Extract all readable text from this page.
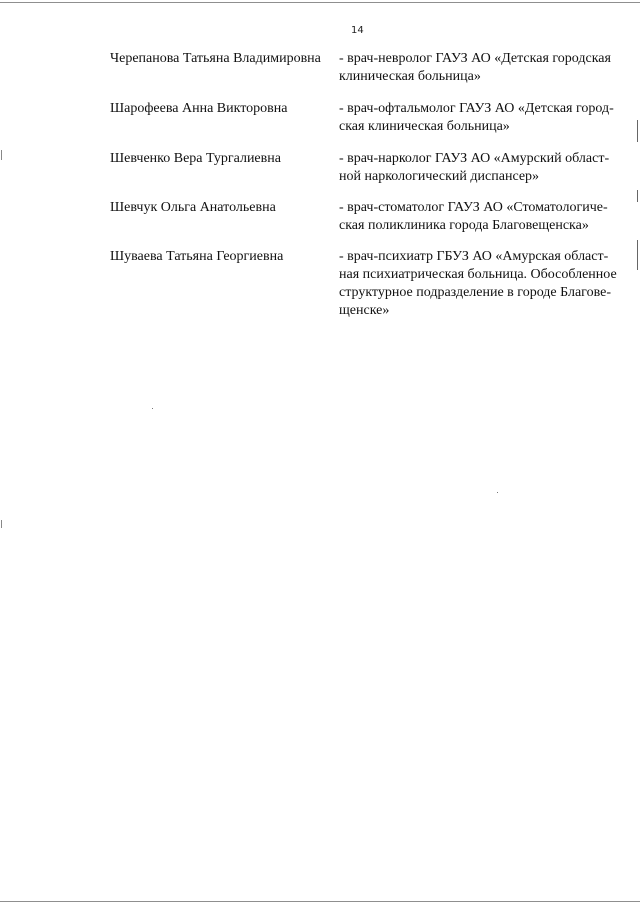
14
Черепанова Татьяна Владимировна	- врач-невролог ГАУЗ АО «Детская городская
клиническая больница»
Шарофеева Анна Викторовна	- врач-офтальмолог ГАУЗ АО «Детская город-
ская клиническая больница»
Шевченко Вера Тургалиевна	- врач-нарколог ГАУЗ АО «Амурский област-
ной наркологический диспансер»
Шевчук Ольга Анатольевна	- врач-стоматолог ГАУЗ АО «Стоматологиче-
ская поликлиника города Благовещенска»
Шуваева Татьяна Георгиевна	- врач-психиатр ГБУЗ АО «Амурская област-
ная психиатрическая больница. Обособленное
структурное подразделение в городе Благове-
щенске»
